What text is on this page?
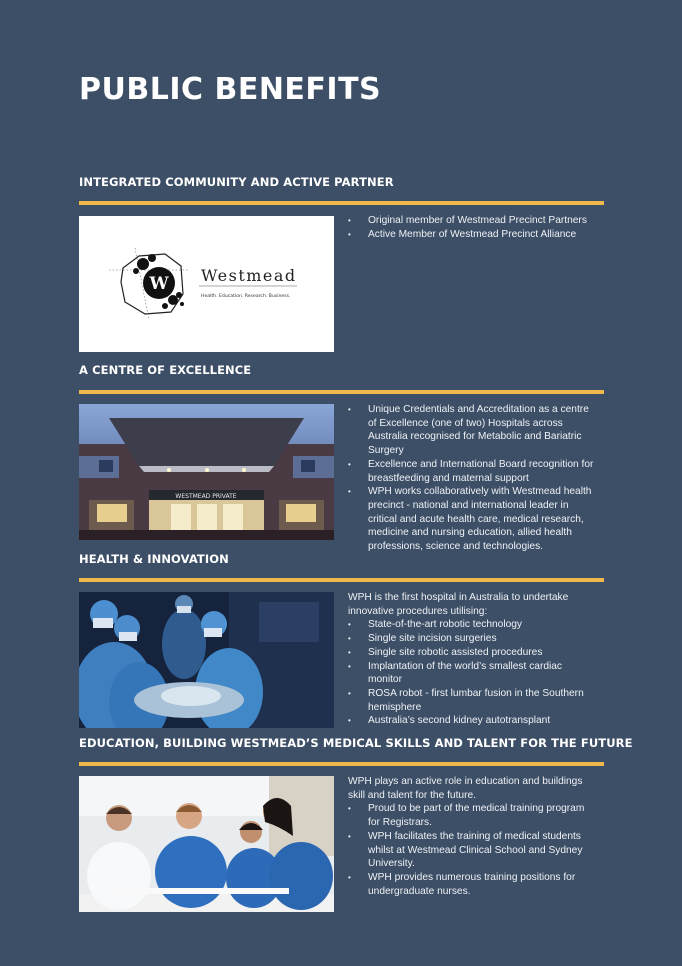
PUBLIC BENEFITS
INTEGRATED COMMUNITY AND ACTIVE PARTNER
W Westmead
Health. Education. Research. Business.
• Original member of Westmead Precinct Partners
• Active Member of Westmead Precinct Alliance
A CENTRE OF EXCELLENCE
WESTMEAD PRIVATE
• Unique Credentials and Accreditation as a centre of Excellence (one of two) Hospitals across Australia recognised for Metabolic and Bariatric Surgery
• Excellence and International Board recognition for breastfeeding and maternal support
• WPH works collaboratively with Westmead health precinct - national and international leader in critical and acute health care, medical research, medicine and nursing education, allied health professions, science and technologies.
HEALTH & INNOVATION

WPH is the first hospital in Australia to undertake innovative procedures utilising:

• State-of-the-art robotic technology
• Single site incision surgeries
• Single site robotic assisted procedures
• Implantation of the world’s smallest cardiac monitor
• ROSA robot - first lumbar fusion in the Southern hemisphere
• Australia’s second kidney autotransplant
EDUCATION, BUILDING WESTMEAD’S MEDICAL SKILLS AND TALENT FOR THE FUTURE

WPH plays an active role in education and buildings skill and talent for the future.

• Proud to be part of the medical training program for Registrars.
• WPH facilitates the training of medical students whilst at Westmead Clinical School and Sydney University.
• WPH provides numerous training positions for undergraduate nurses.
